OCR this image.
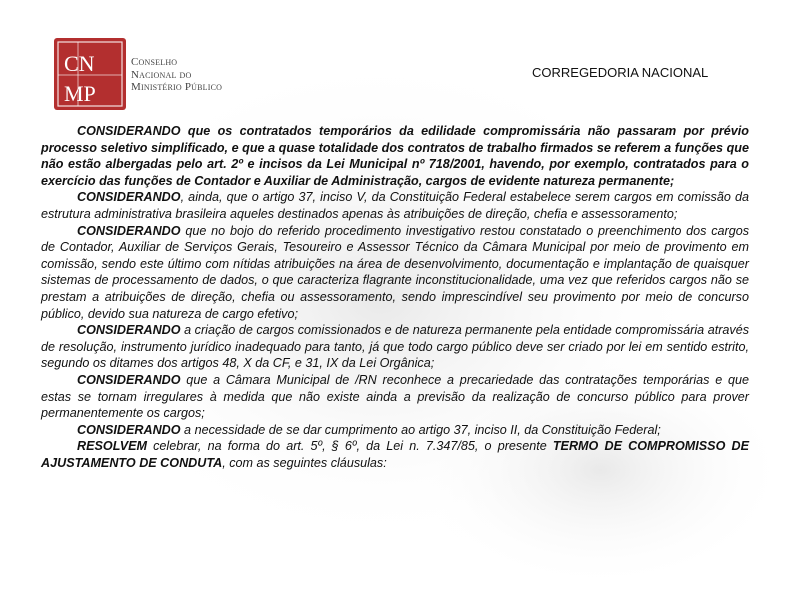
CN
MP
Conselho
Nacional do
Ministério Público
CORREGEDORIA NACIONAL

CONSIDERANDO que os contratados temporários da edilidade compromissária não passaram por prévio processo seletivo simplificado, e que a quase totalidade dos contratos de trabalho firmados se referem a funções que não estão albergadas pelo art. 2º e incisos da Lei Municipal nº 718/2001, havendo, por exemplo, contratados para o exercício das funções de Contador e Auxiliar de Administração, cargos de evidente natureza permanente;

CONSIDERANDO, ainda, que o artigo 37, inciso V, da Constituição Federal estabelece serem cargos em comissão da estrutura administrativa brasileira aqueles destinados apenas às atribuições de direção, chefia e assessoramento;

CONSIDERANDO que no bojo do referido procedimento investigativo restou constatado o preenchimento dos cargos de Contador, Auxiliar de Serviços Gerais, Tesoureiro e Assessor Técnico da Câmara Municipal por meio de provimento em comissão, sendo este último com nítidas atribuições na área de desenvolvimento, documentação e implantação de quaisquer sistemas de processamento de dados, o que caracteriza flagrante inconstitucionalidade, uma vez que referidos cargos não se prestam a atribuições de direção, chefia ou assessoramento, sendo imprescindível seu provimento por meio de concurso público, devido sua natureza de cargo efetivo;

CONSIDERANDO a criação de cargos comissionados e de natureza permanente pela entidade compromissária através de resolução, instrumento jurídico inadequado para tanto, já que todo cargo público deve ser criado por lei em sentido estrito, segundo os ditames dos artigos 48, X da CF, e 31, IX da Lei Orgânica;

CONSIDERANDO que a Câmara Municipal de /RN reconhece a precariedade das contratações temporárias e que estas se tornam irregulares à medida que não existe ainda a previsão da realização de concurso público para prover permanentemente os cargos;

CONSIDERANDO a necessidade de se dar cumprimento ao artigo 37, inciso II, da Constituição Federal;

RESOLVEM celebrar, na forma do art. 5º, § 6º, da Lei n. 7.347/85, o presente TERMO DE COMPROMISSO DE AJUSTAMENTO DE CONDUTA, com as seguintes cláusulas:
